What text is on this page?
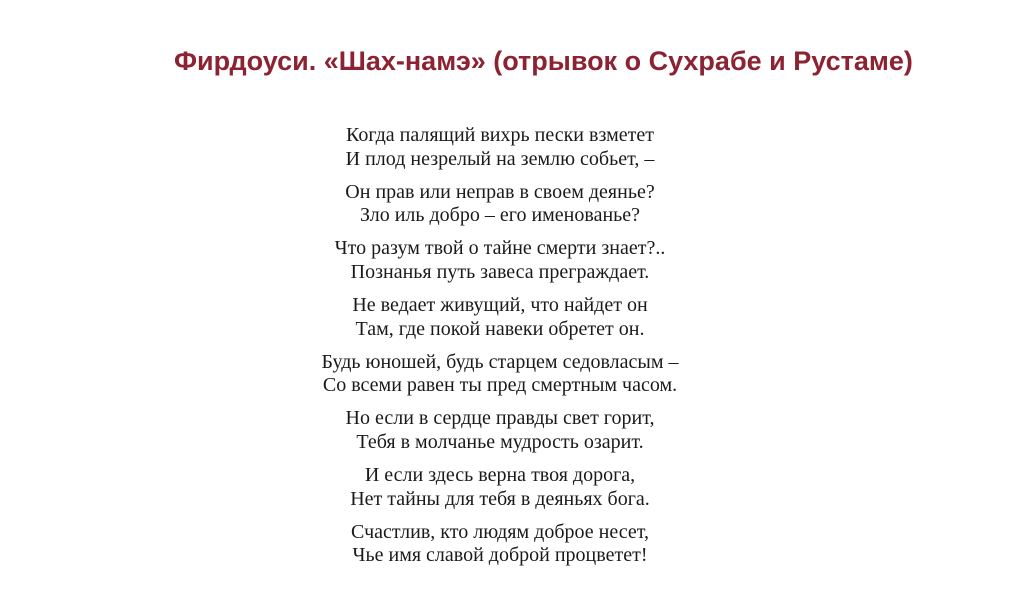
Фирдоуси. «Шах-намэ» (отрывок о Сухрабе и Рустаме)

Когда палящий вихрь пески взметет
И плод незрелый на землю собьет, –

Он прав или неправ в своем деянье?
Зло иль добро – его именованье?

Что разум твой о тайне смерти знает?..
Познанья путь завеса преграждает.

Не ведает живущий, что найдет он
Там, где покой навеки обретет он.

Будь юношей, будь старцем седовласым –
Со всеми равен ты пред смертным часом.

Но если в сердце правды свет горит,
Тебя в молчанье мудрость озарит.

И если здесь верна твоя дорога,
Нет тайны для тебя в деяньях бога.

Счастлив, кто людям доброе несет,
Чье имя славой доброй процветет!
